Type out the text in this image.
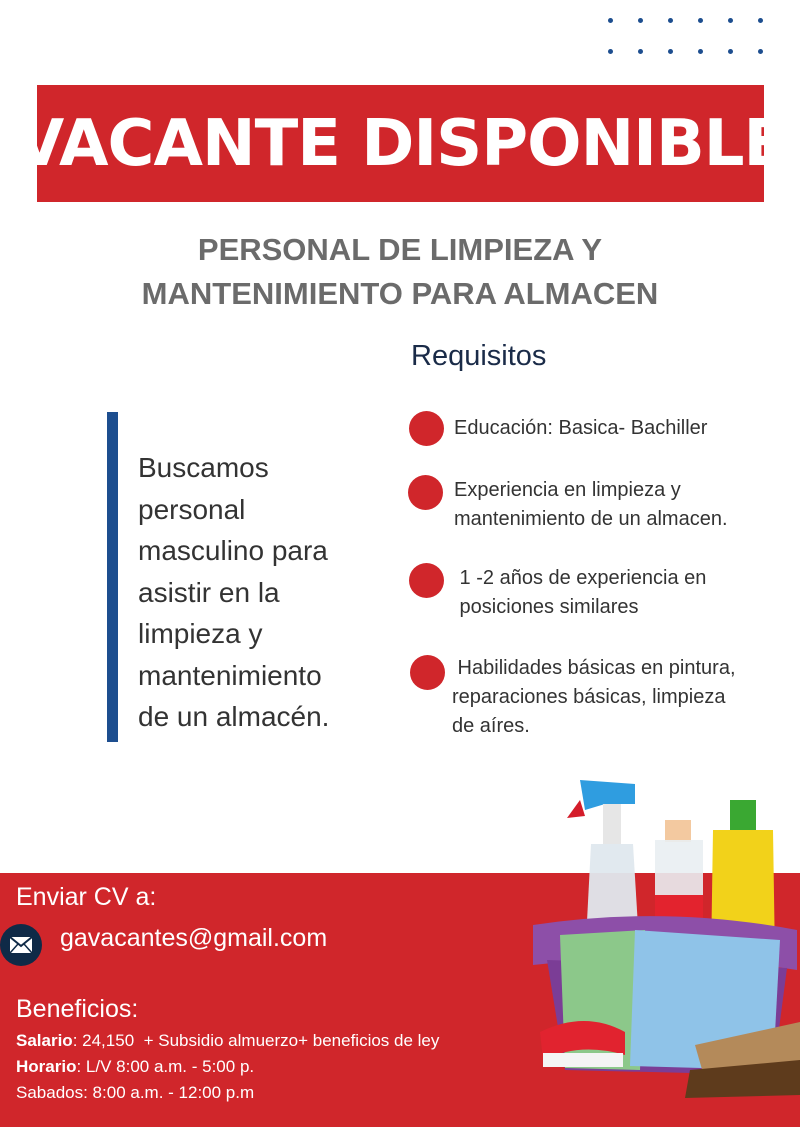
VACANTE DISPONIBLE
PERSONAL DE LIMPIEZA Y
MANTENIMIENTO PARA ALMACEN
Requisitos
Buscamos
personal
masculino para
asistir en la
limpieza y
mantenimiento
de un almacén.
Educación: Basica- Bachiller
Experiencia en limpieza y
mantenimiento de un almacen.
1 -2 años de experiencia en
posiciones similares
Habilidades básicas en pintura,
reparaciones básicas, limpieza
de aíres.
Enviar CV a:
gavacantes@gmail.com
Beneficios:
Salario: 24,150  + Subsidio almuerzo+ beneficios de ley
Horario: L/V 8:00 a.m. - 5:00 p.
Sabados: 8:00 a.m. - 12:00 p.m
